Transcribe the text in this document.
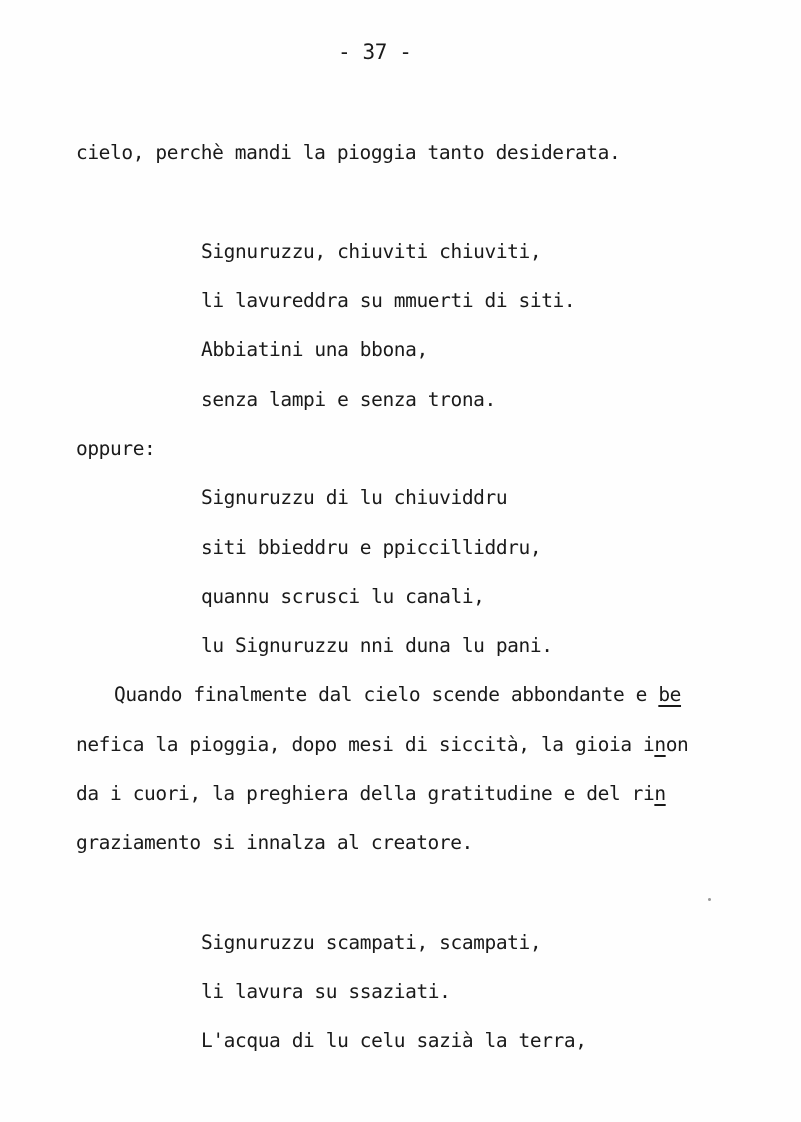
- 37 -
cielo, perchè mandi la pioggia tanto desiderata.
Signuruzzu, chiuviti chiuviti,
li lavureddra su mmuerti di siti.
Abbiatini una bbona,
senza lampi e senza trona.
oppure:
Signuruzzu di lu chiuviddru
siti bbieddru e ppiccilliddru,
quannu scrusci lu canali,
lu Signuruzzu nni duna lu pani.
Quando finalmente dal cielo scende abbondante e be
nefica la pioggia, dopo mesi di siccità, la gioia inon
da i cuori, la preghiera della gratitudine e del rin
graziamento si innalza al creatore.
Signuruzzu scampati, scampati,
li lavura su ssaziati.
L'acqua di lu celu sazià la terra,
